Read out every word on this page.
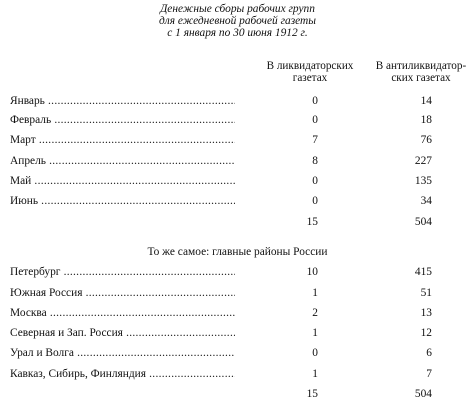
Денежные сборы рабочих групп
для ежедневной рабочей газеты
с 1 января по 30 июня 1912 г.
В ликвидаторских
газетах
В антиликвидатор-
ских газетах
Январь .....	0	14
Февраль .....	0	18
Март .....	7	76
Апрель .....	8	227
Май .....	0	135
Июнь .....	0	34
15	504
То же самое: главные районы России
Петербург .....	10	415
Южная Россия .....	1	51
Москва .....	2	13
Северная и Зап. Россия .....	1	12
Урал и Волга .....	0	6
Кавказ, Сибирь, Финляндия .....	1	7
15	504
